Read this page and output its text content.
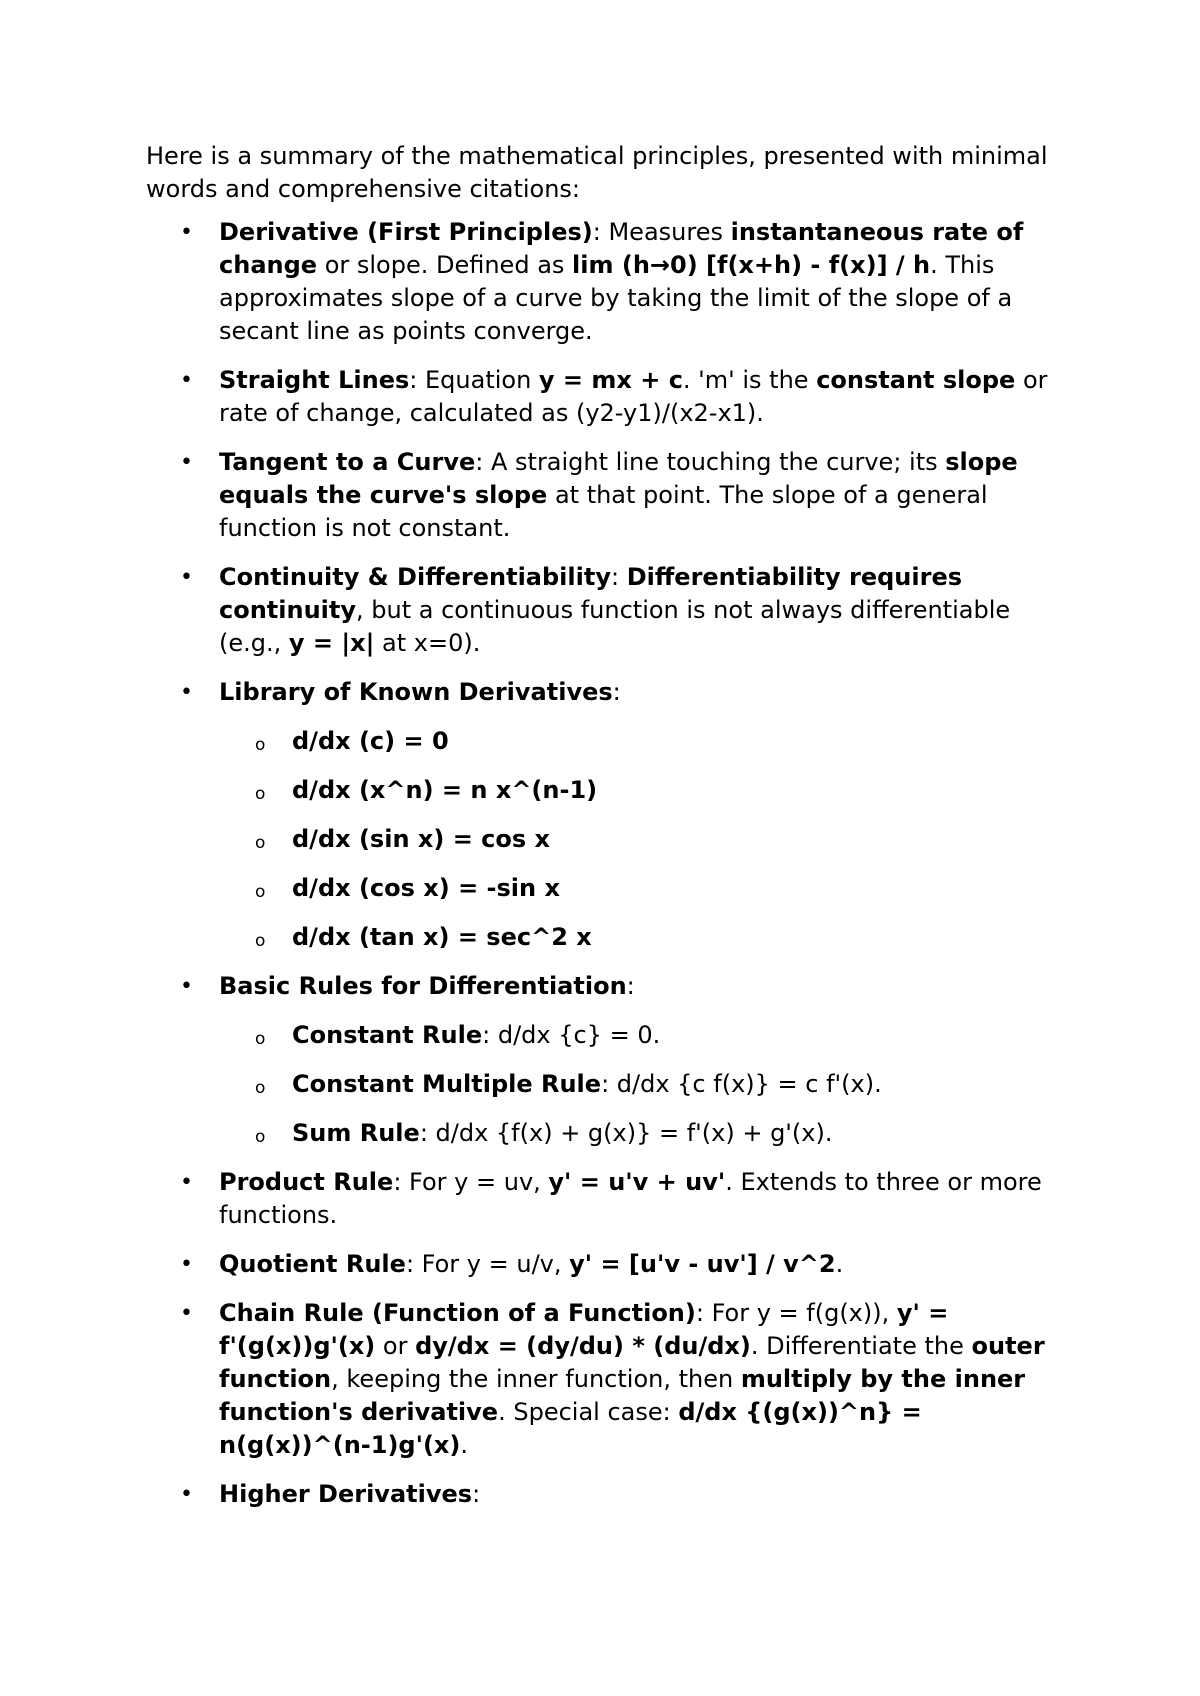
Here is a summary of the mathematical principles, presented with minimal words and comprehensive citations:

• Derivative (First Principles): Measures instantaneous rate of change or slope. Defined as lim (h→0) [f(x+h) - f(x)] / h. This approximates slope of a curve by taking the limit of the slope of a secant line as points converge.
• Straight Lines: Equation y = mx + c. 'm' is the constant slope or rate of change, calculated as (y2-y1)/(x2-x1).
• Tangent to a Curve: A straight line touching the curve; its slope equals the curve's slope at that point. The slope of a general function is not constant.
• Continuity & Differentiability: Differentiability requires continuity, but a continuous function is not always differentiable (e.g., y = |x| at x=0).
• Library of Known Derivatives:
o d/dx (c) = 0
o d/dx (x^n) = n x^(n-1)
o d/dx (sin x) = cos x
o d/dx (cos x) = -sin x
o d/dx (tan x) = sec^2 x
• Basic Rules for Differentiation:
o Constant Rule: d/dx {c} = 0.
o Constant Multiple Rule: d/dx {c f(x)} = c f'(x).
o Sum Rule: d/dx {f(x) + g(x)} = f'(x) + g'(x).
• Product Rule: For y = uv, y' = u'v + uv'. Extends to three or more functions.
• Quotient Rule: For y = u/v, y' = [u'v - uv'] / v^2.
• Chain Rule (Function of a Function): For y = f(g(x)), y' = f'(g(x))g'(x) or dy/dx = (dy/du) * (du/dx). Differentiate the outer function, keeping the inner function, then multiply by the inner function's derivative. Special case: d/dx {(g(x))^n} = n(g(x))^(n-1)g'(x).
• Higher Derivatives:
